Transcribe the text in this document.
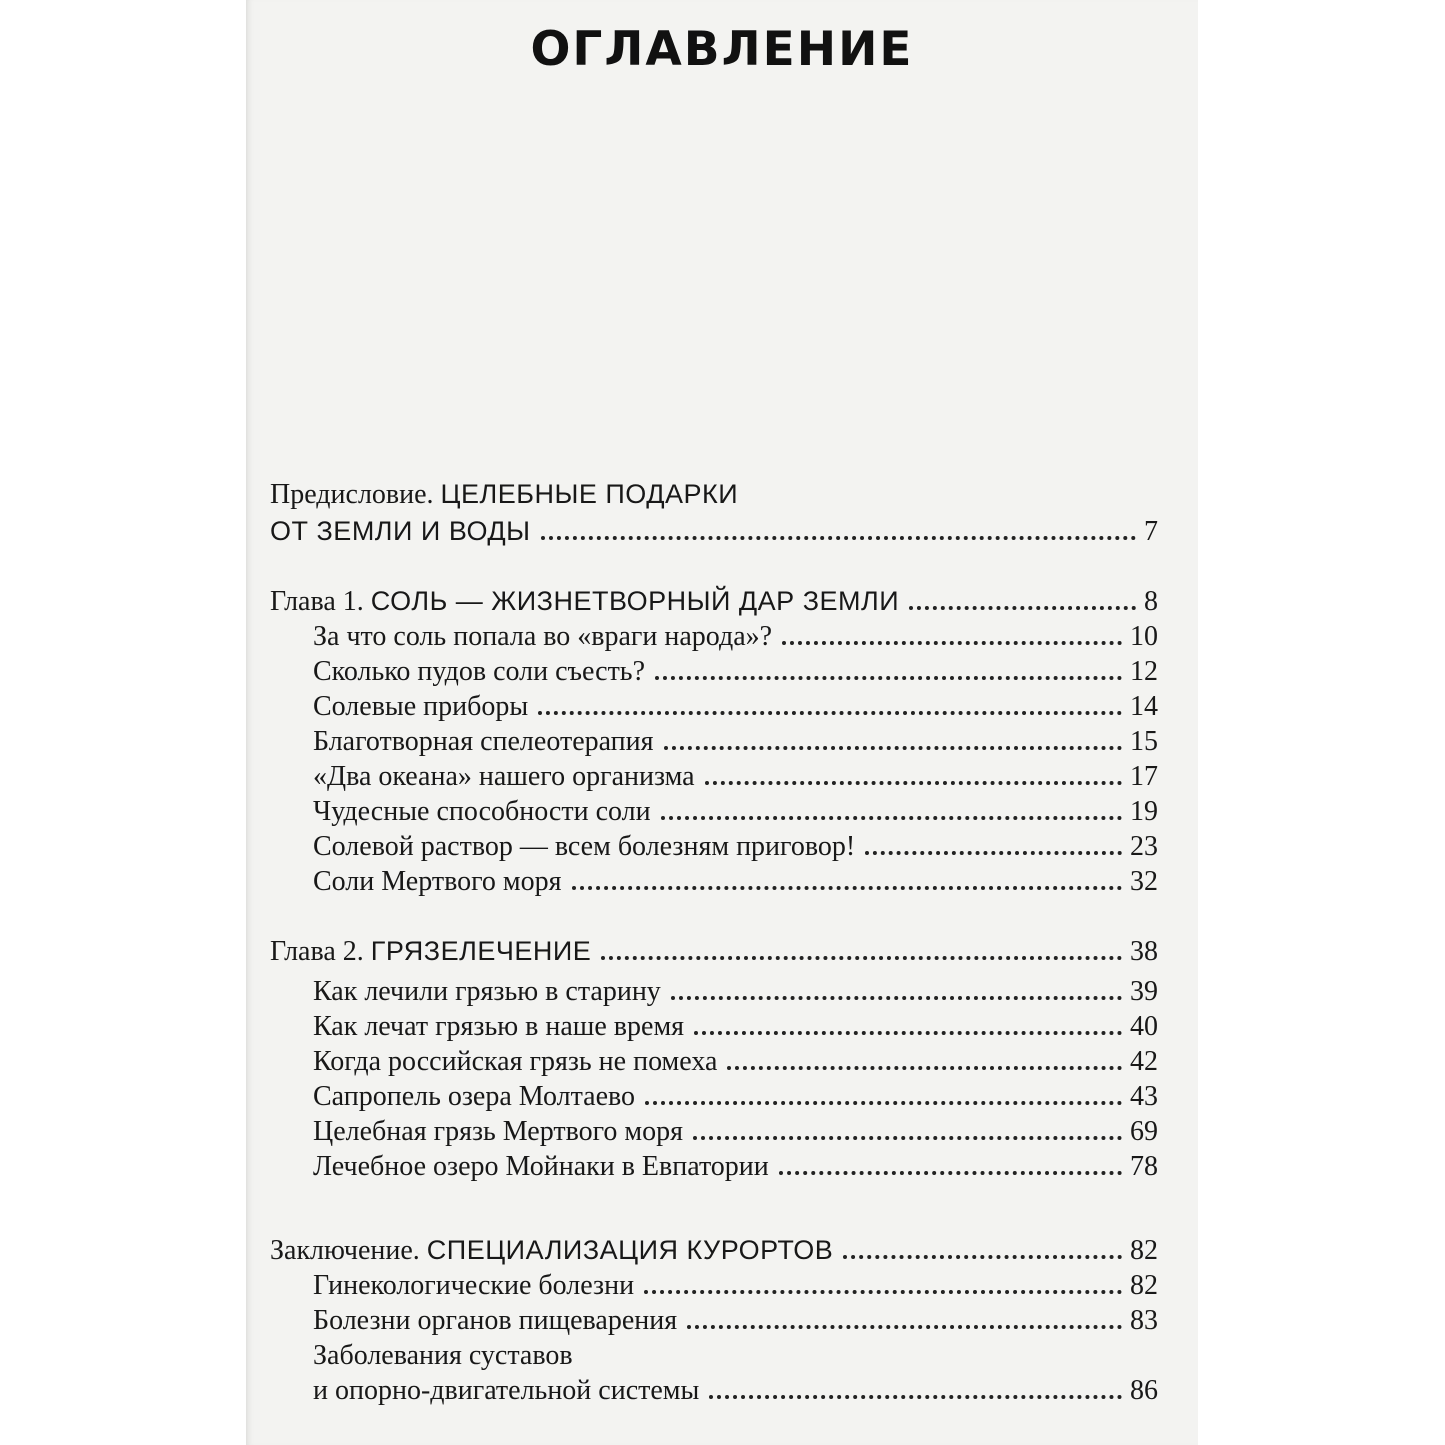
ОГЛАВЛЕНИЕ
Предисловие. ЦЕЛЕБНЫЕ ПОДАРКИ
ОТ ЗЕМЛИ И ВОДЫ	7
Глава 1. СОЛЬ — ЖИЗНЕТВОРНЫЙ ДАР ЗЕМЛИ	8
За что соль попала во «враги народа»?	10
Сколько пудов соли съесть?	12
Солевые приборы	14
Благотворная спелеотерапия	15
«Два океана» нашего организма	17
Чудесные способности соли	19
Солевой раствор — всем болезням приговор!	23
Соли Мертвого моря	32
Глава 2. ГРЯЗЕЛЕЧЕНИЕ	38
Как лечили грязью в старину	39
Как лечат грязью в наше время	40
Когда российская грязь не помеха	42
Сапропель озера Молтаево	43
Целебная грязь Мертвого моря	69
Лечебное озеро Мойнаки в Евпатории	78
Заключение. СПЕЦИАЛИЗАЦИЯ КУРОРТОВ	82
Гинекологические болезни	82
Болезни органов пищеварения	83
Заболевания суставов
и опорно-двигательной системы	86
